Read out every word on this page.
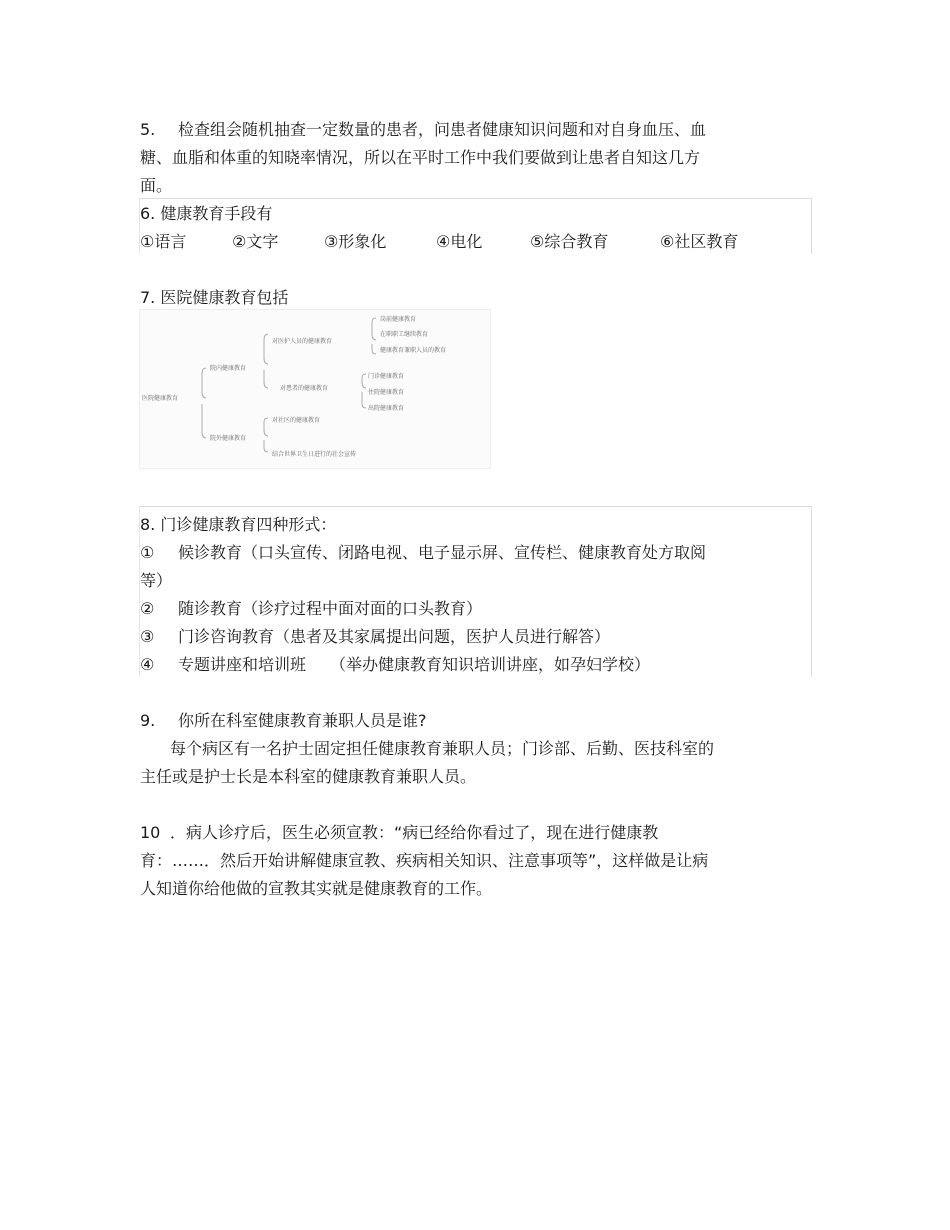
5. 检查组会随机抽查一定数量的患者，问患者健康知识问题和对自身血压、血
糖、血脂和体重的知晓率情况，所以在平时工作中我们要做到让患者自知这几方
面。
6. 健康教育手段有
①语言	②文字	③形象化	④电化	⑤综合教育	⑥社区教育
7. 医院健康教育包括
医院健康教育
院内健康教育
院外健康教育
对医护人员的健康教育
对患者的健康教育
岗前健康教育
在职职工继续教育
健康教育兼职人员的教育
门诊健康教育
住院健康教育
出院健康教育
对社区的健康教育
结合世界卫生日进行的社会宣传
8. 门诊健康教育四种形式：
① 候诊教育（口头宣传、闭路电视、电子显示屏、宣传栏、健康教育处方取阅
等）
② 随诊教育（诊疗过程中面对面的口头教育）
③ 门诊咨询教育（患者及其家属提出问题，医护人员进行解答）
④ 专题讲座和培训班　　（举办健康教育知识培训讲座，如孕妇学校）
9. 你所在科室健康教育兼职人员是谁?
每个病区有一名护士固定担任健康教育兼职人员；门诊部、后勤、医技科室的
主任或是护士长是本科室的健康教育兼职人员。
10 ．病人诊疗后，医生必须宣教：“病已经给你看过了，现在进行健康教
育：……．然后开始讲解健康宣教、疾病相关知识、注意事项等”，这样做是让病
人知道你给他做的宣教其实就是健康教育的工作。
